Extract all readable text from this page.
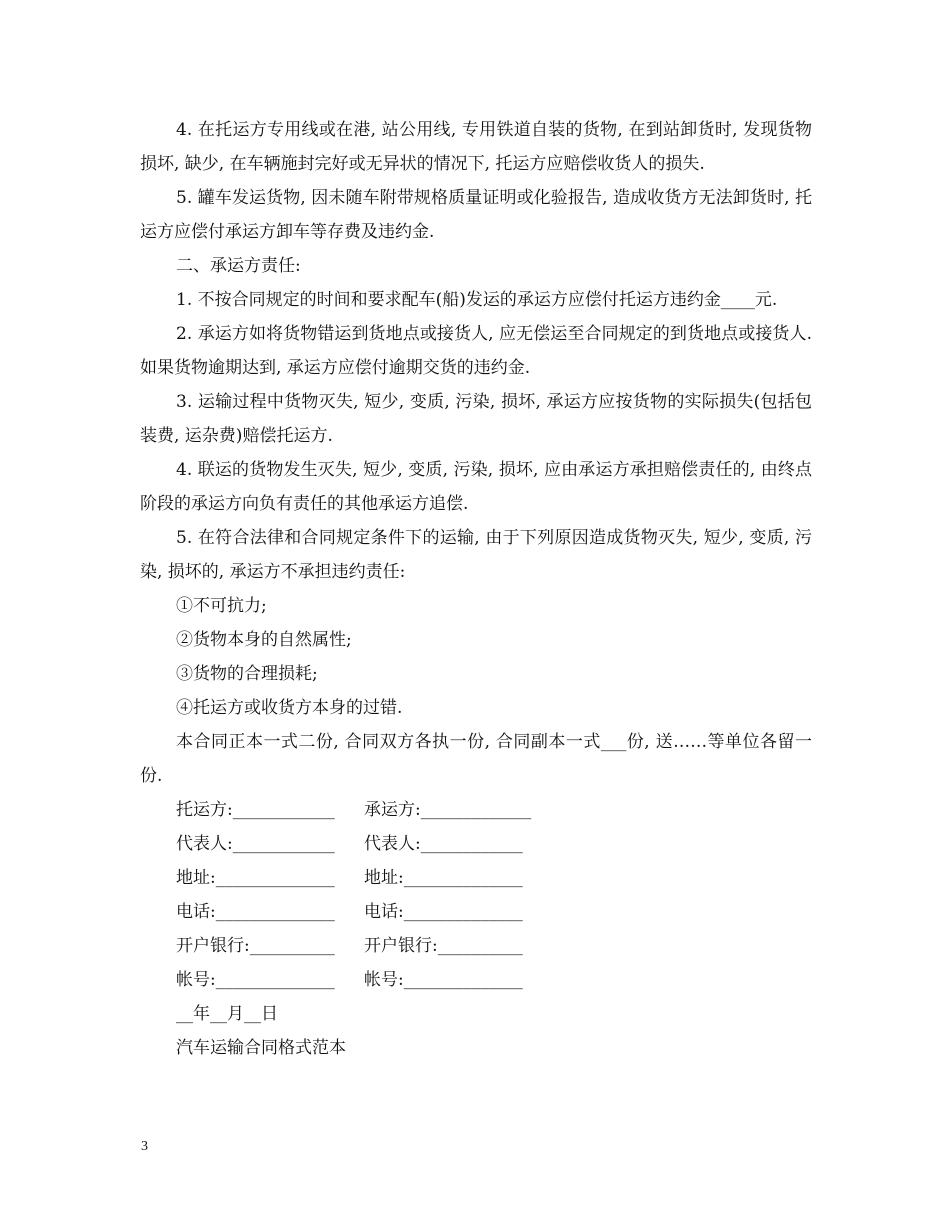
4. 在托运方专用线或在港, 站公用线, 专用铁道自装的货物, 在到站卸货时, 发现货物损坏, 缺少, 在车辆施封完好或无异状的情况下, 托运方应赔偿收货人的损失.

5. 罐车发运货物, 因未随车附带规格质量证明或化验报告, 造成收货方无法卸货时, 托运方应偿付承运方卸车等存费及违约金.

二、承运方责任:

1. 不按合同规定的时间和要求配车(船)发运的承运方应偿付托运方违约金____元.

2. 承运方如将货物错运到货地点或接货人, 应无偿运至合同规定的到货地点或接货人. 如果货物逾期达到, 承运方应偿付逾期交货的违约金.

3. 运输过程中货物灭失, 短少, 变质, 污染, 损坏, 承运方应按货物的实际损失(包括包装费, 运杂费)赔偿托运方.

4. 联运的货物发生灭失, 短少, 变质, 污染, 损坏, 应由承运方承担赔偿责任的, 由终点阶段的承运方向负有责任的其他承运方追偿.

5. 在符合法律和合同规定条件下的运输, 由于下列原因造成货物灭失, 短少, 变质, 污染, 损坏的, 承运方不承担违约责任:

①不可抗力;

②货物本身的自然属性;

③货物的合理损耗;

④托运方或收货方本身的过错.

本合同正本一式二份, 合同双方各执一份, 合同副本一式___份, 送……等单位各留一份.

托运方:____________ 承运方:_____________
代表人:____________ 代表人:____________
地址:______________ 地址:______________
电话:______________ 电话:______________
开户银行:__________ 开户银行:__________
帐号:______________ 帐号:______________

__年__月__日

汽车运输合同格式范本

3
